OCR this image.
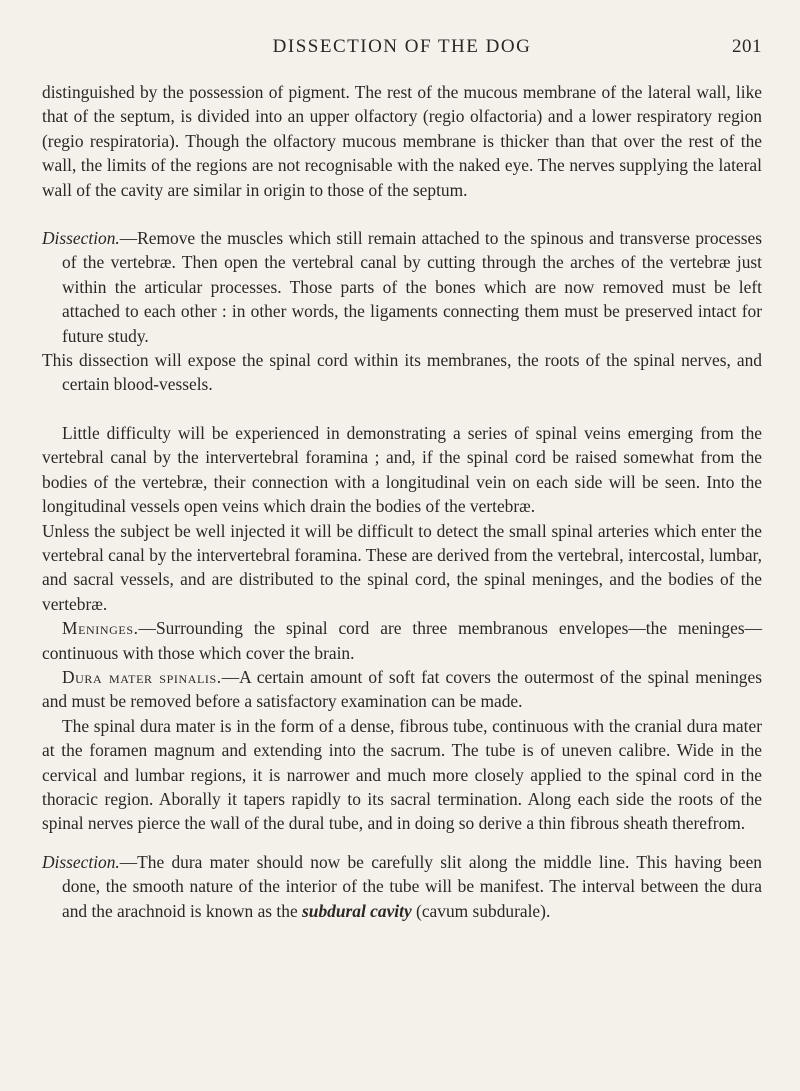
DISSECTION OF THE DOG	201

distinguished by the possession of pigment. The rest of the mucous membrane of the lateral wall, like that of the septum, is divided into an upper olfactory (regio olfactoria) and a lower respiratory region (regio respiratoria). Though the olfactory mucous membrane is thicker than that over the rest of the wall, the limits of the regions are not recognisable with the naked eye. The nerves supplying the lateral wall of the cavity are similar in origin to those of the septum.

Dissection.—Remove the muscles which still remain attached to the spinous and transverse processes of the vertebræ. Then open the vertebral canal by cutting through the arches of the vertebræ just within the articular processes. Those parts of the bones which are now removed must be left attached to each other : in other words, the ligaments connecting them must be preserved intact for future study.

This dissection will expose the spinal cord within its membranes, the roots of the spinal nerves, and certain blood-vessels.

Little difficulty will be experienced in demonstrating a series of spinal veins emerging from the vertebral canal by the intervertebral foramina ; and, if the spinal cord be raised somewhat from the bodies of the vertebræ, their connection with a longitudinal vein on each side will be seen. Into the longitudinal vessels open veins which drain the bodies of the vertebræ.

Unless the subject be well injected it will be difficult to detect the small spinal arteries which enter the vertebral canal by the intervertebral foramina. These are derived from the vertebral, intercostal, lumbar, and sacral vessels, and are distributed to the spinal cord, the spinal meninges, and the bodies of the vertebræ.

Meninges.—Surrounding the spinal cord are three membranous envelopes—the meninges—continuous with those which cover the brain.

Dura mater spinalis.—A certain amount of soft fat covers the outermost of the spinal meninges and must be removed before a satisfactory examination can be made.

The spinal dura mater is in the form of a dense, fibrous tube, continuous with the cranial dura mater at the foramen magnum and extending into the sacrum. The tube is of uneven calibre. Wide in the cervical and lumbar regions, it is narrower and much more closely applied to the spinal cord in the thoracic region. Aborally it tapers rapidly to its sacral termination. Along each side the roots of the spinal nerves pierce the wall of the dural tube, and in doing so derive a thin fibrous sheath therefrom.

Dissection.—The dura mater should now be carefully slit along the middle line. This having been done, the smooth nature of the interior of the tube will be manifest. The interval between the dura and the arachnoid is known as the subdural cavity (cavum subdurale).
